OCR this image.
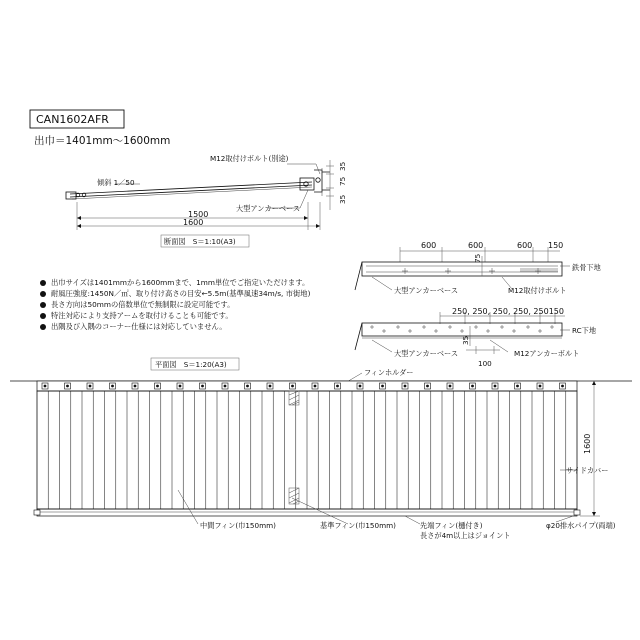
CAN1602AFR
出巾＝1401mm～1600mm
M12取付けボルト(別途)
傾斜 1／50
大型アンカーベース
1500
1600
35
75
35
断面図　S＝1:10(A3)	600	600	600 150
75
大型アンカーベース	M12取付けボルト
鉄骨下地
250, 250, 250, 250, 250150
35
100
大型アンカーベース	M12アンカーボルト
RC下地
平面図　S＝1:20(A3)
フィンホルダー
1600
サイドカバー
中間フィン(巾150mm)	基準フィン(巾150mm)	先端フィン(樋付き)
長さが4m以上はジョイント
φ20排水パイプ(両端)
出巾サイズは1401mmから1600mmまで、1mm単位でご指定いただけます。
耐風圧強度:1450N／㎡、取り付け高さの目安←5.5m(基準風速34m/s, 市街地)
長さ方向は50mmの倍数単位で無制限に設定可能です。
特注対応により支持アームを取付けることも可能です。
出隅及び入隅のコーナー仕様には対応していません。
